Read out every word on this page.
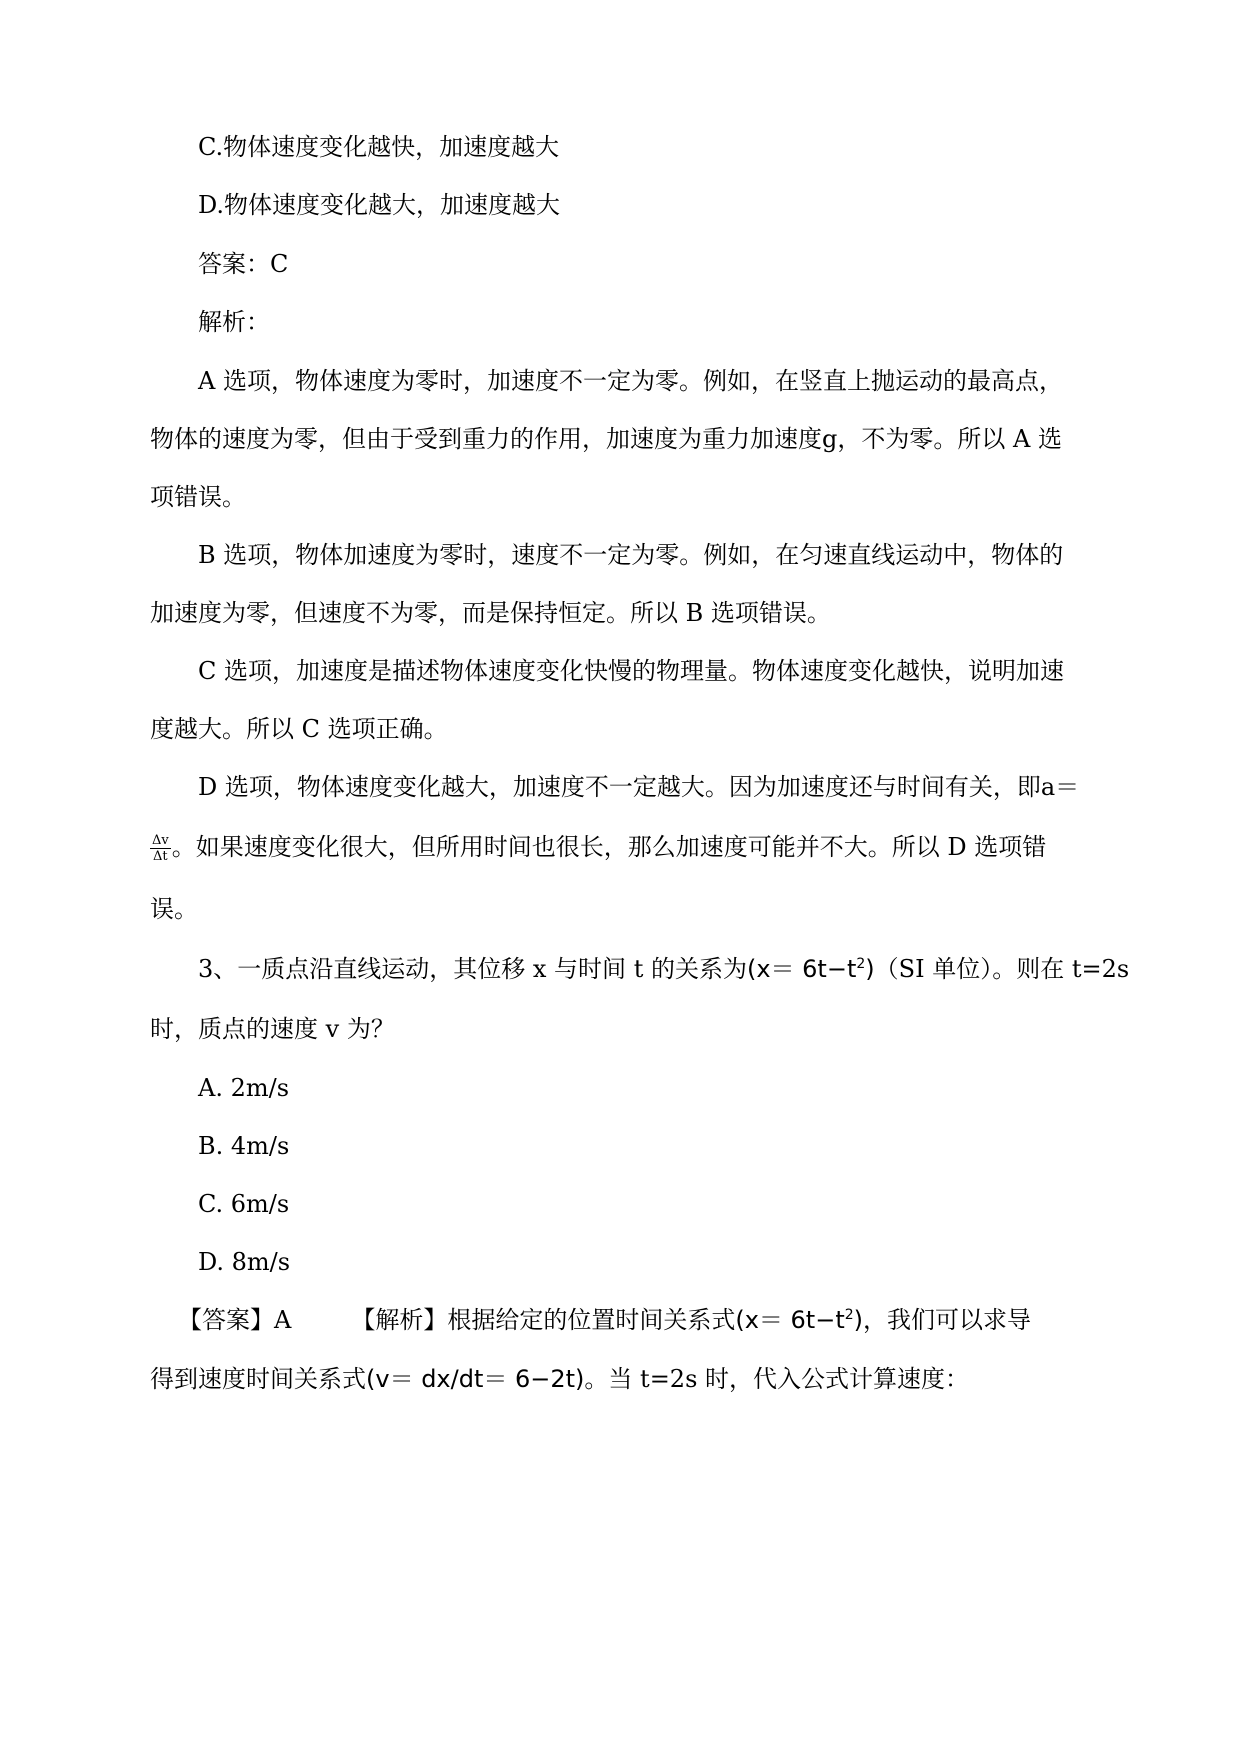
C.物体速度变化越快，加速度越大
D.物体速度变化越大，加速度越大
答案：C
解析：
A 选项，物体速度为零时，加速度不一定为零。例如，在竖直上抛运动的最高点，
物体的速度为零，但由于受到重力的作用，加速度为重力加速度g，不为零。所以 A 选
项错误。
B 选项，物体加速度为零时，速度不一定为零。例如，在匀速直线运动中，物体的
加速度为零，但速度不为零，而是保持恒定。所以 B 选项错误。
C 选项，加速度是描述物体速度变化快慢的物理量。物体速度变化越快，说明加速
度越大。所以 C 选项正确。
D 选项，物体速度变化越大，加速度不一定越大。因为加速度还与时间有关，即a＝
$\frac{\Delta v}{\Delta t}$ 。如果速度变化很大，但所用时间也很长，那么加速度可能并不大。所以 D 选项错
误。
3、一质点沿直线运动，其位移 x 与时间 t 的关系为$(x= 6t-t^2)(SI$ 单位）。则在 t=2s
时，质点的速度 v 为？
A. 2m/s
B. 4m/s
C. 6m/s
D. 8m/s
【答案】A	【解析】根据给定的位置时间关系式$(x= 6t-t^2)$，我们可以求导
得到速度时间关系式(v＝ dx/dt＝ 6−2t)。当 t=2s 时，代入公式计算速度：
